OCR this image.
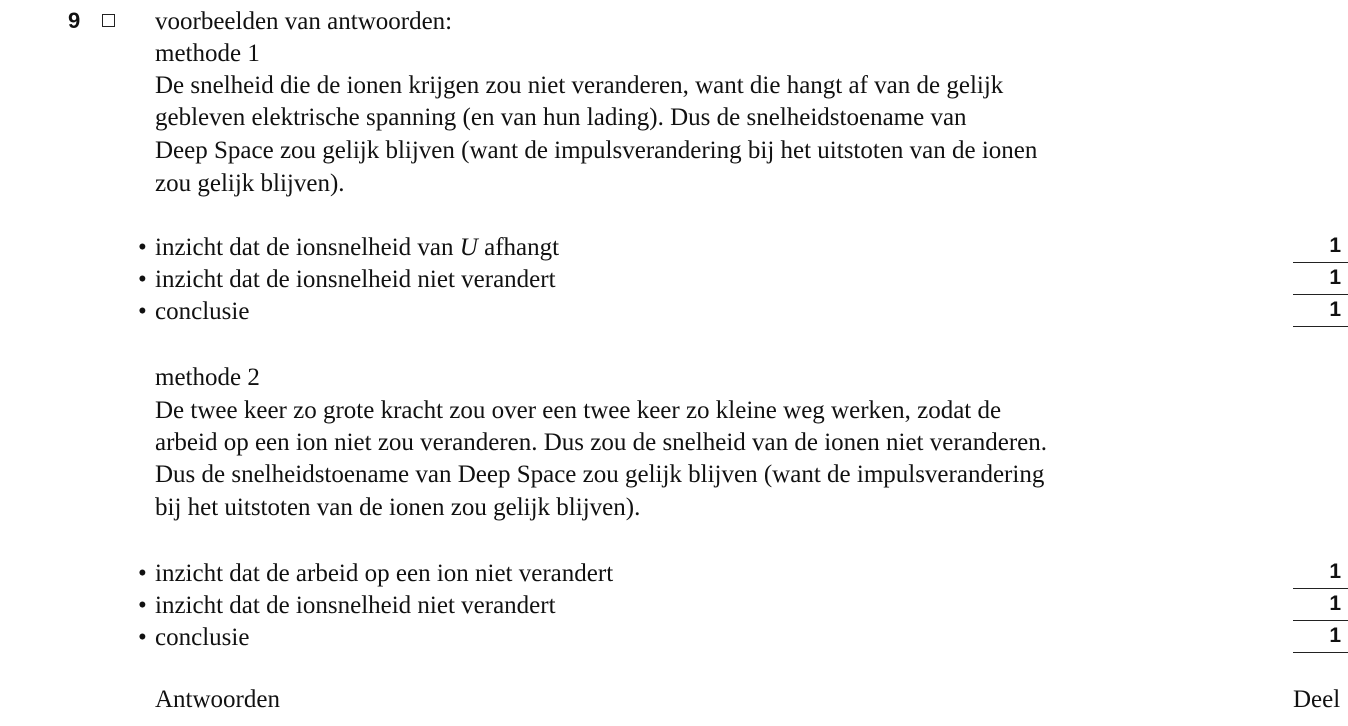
9	voorbeelden van antwoorden:
methode 1
De snelheid die de ionen krijgen zou niet veranderen, want die hangt af van de gelijk
gebleven elektrische spanning (en van hun lading). Dus de snelheidstoename van
Deep Space zou gelijk blijven (want de impulsverandering bij het uitstoten van de ionen
zou gelijk blijven).
• inzicht dat de ionsnelheid van U afhangt	1
• inzicht dat de ionsnelheid niet verandert	1
• conclusie	1
methode 2
De twee keer zo grote kracht zou over een twee keer zo kleine weg werken, zodat de
arbeid op een ion niet zou veranderen. Dus zou de snelheid van de ionen niet veranderen.
Dus de snelheidstoename van Deep Space zou gelijk blijven (want de impulsverandering
bij het uitstoten van de ionen zou gelijk blijven).
• inzicht dat de arbeid op een ion niet verandert	1
• inzicht dat de ionsnelheid niet verandert	1
• conclusie	1
Antwoorden	Deel
